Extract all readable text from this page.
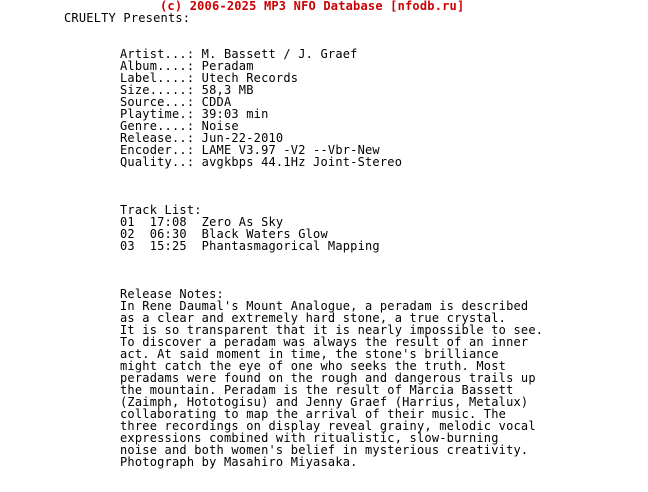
(c) 2006-2025 MP3 NFO Database [nfodb.ru]
CRUELTY Presents:
Artist...: M. Bassett / J. Graef
Album....: Peradam
Label....: Utech Records
Size.....: 58,3 MB
Source...: CDDA
Playtime.: 39:03 min
Genre....: Noise
Release..: Jun-22-2010
Encoder..: LAME V3.97 -V2 --Vbr-New
Quality..: avgkbps 44.1Hz Joint-Stereo
Track List:
01  17:08  Zero As Sky
02  06:30  Black Waters Glow
03  15:25  Phantasmagorical Mapping
Release Notes:
In Rene Daumal's Mount Analogue, a peradam is described
as a clear and extremely hard stone, a true crystal.
It is so transparent that it is nearly impossible to see.
To discover a peradam was always the result of an inner
act. At said moment in time, the stone's brilliance
might catch the eye of one who seeks the truth. Most
peradams were found on the rough and dangerous trails up
the mountain. Peradam is the result of Marcia Bassett
(Zaimph, Hototogisu) and Jenny Graef (Harrius, Metalux)
collaborating to map the arrival of their music. The
three recordings on display reveal grainy, melodic vocal
expressions combined with ritualistic, slow-burning
noise and both women's belief in mysterious creativity.
Photograph by Masahiro Miyasaka.
